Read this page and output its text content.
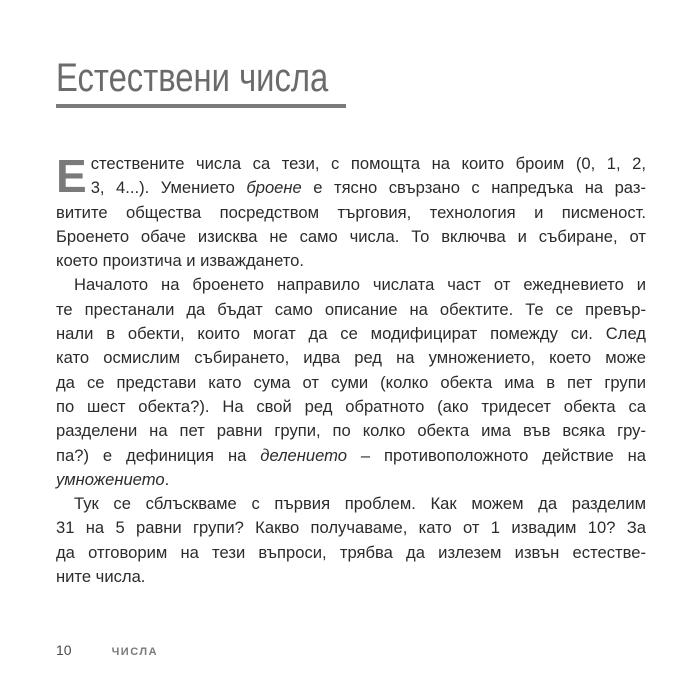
Естествени числа
Е стествените числа са тези, с помощта на които броим (0, 1, 2,
3, 4...). Умението броене е тясно свързано с напредъка на раз-
витите общества посредством търговия, технология и писменост.
Броенето обаче изисква не само числа. То включва и събиране, от
което произтича и изваждането.
Началото на броенето направило числата част от ежедневието и
те престанали да бъдат само описание на обектите. Те се превър-
нали в обекти, които могат да се модифицират помежду си. След
като осмислим събирането, идва ред на умножението, което може
да се представи като сума от суми (колко обекта има в пет групи
по шест обекта?). На свой ред обратното (ако тридесет обекта са
разделени на пет равни групи, по колко обекта има във всяка гру-
па?) е дефиниция на делението – противоположното действие на
умножението.
Тук се сблъскваме с първия проблем. Как можем да разделим
31 на 5 равни групи? Какво получаваме, като от 1 извадим 10? За
да отговорим на тези въпроси, трябва да излезем извън естестве-
ните числа.
10	ЧИСЛА
